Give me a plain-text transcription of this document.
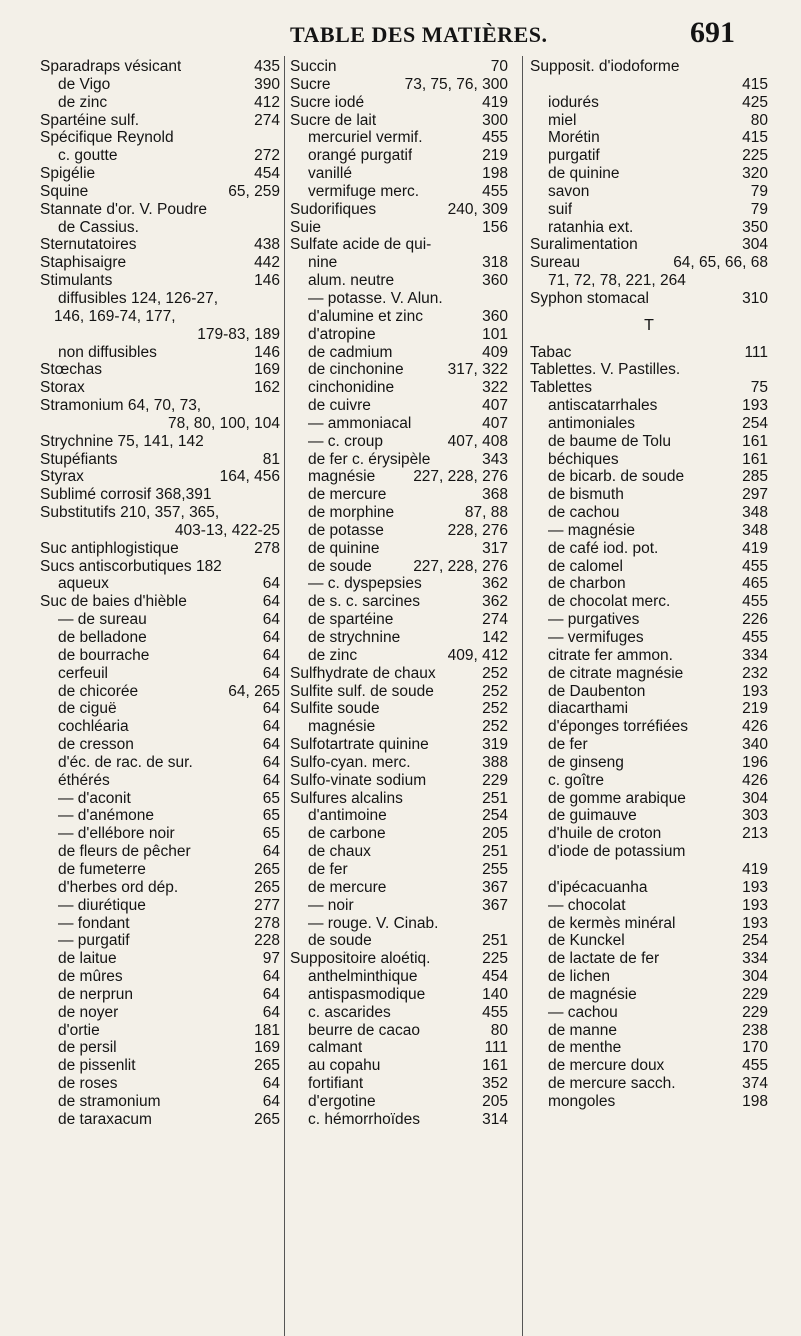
TABLE DES MATIÈRES.	691
Sparadraps vésicant	435
de Vigo	390
de zinc	412
Spartéine sulf.	274
Spécifique Reynold
c. goutte	272
Spigélie	454
Squine	65, 259
Stannate d'or. V. Poudre
de Cassius.
Sternutatoires	438
Staphisaigre	442
Stimulants	146
diffusibles 124, 126-27,
146, 169-74, 177,
179-83, 189
non diffusibles	146
Stœchas	169
Storax	162
Stramonium 64, 70, 73,
78, 80, 100, 104
Strychnine 75, 141, 142
Stupéfiants	81
Styrax	164, 456
Sublimé corrosif 368,391
Substitutifs 210, 357, 365,
403-13, 422-25
Suc antiphlogistique	278
Sucs antiscorbutiques 182
aqueux	64
Suc de baies d'hièble	64
— de sureau	64
de belladone	64
de bourrache	64
cerfeuil	64
de chicorée	64, 265
de ciguë	64
cochléaria	64
de cresson	64
d'éc. de rac. de sur.	64
éthérés	64
— d'aconit	65
— d'anémone	65
— d'ellébore noir	65
de fleurs de pêcher	64
de fumeterre	265
d'herbes ord dép.	265
— diurétique	277
— fondant	278
— purgatif	228
de laitue	97
de mûres	64
de nerprun	64
de noyer	64
d'ortie	181
de persil	169
de pissenlit	265
de roses	64
de stramonium	64
de taraxacum	265
Succin	70
Sucre	73, 75, 76, 300
Sucre iodé	419
Sucre de lait	300
mercuriel vermif.	455
orangé purgatif	219
vanillé	198
vermifuge merc.	455
Sudorifiques	240, 309
Suie	156
Sulfate acide de qui-
nine	318
alum. neutre	360
— potasse. V. Alun.
d'alumine et zinc	360
d'atropine	101
de cadmium	409
de cinchonine	317, 322
cinchonidine	322
de cuivre	407
— ammoniacal	407
— c. croup	407, 408
de fer c. érysipèle	343
magnésie 227, 228, 276
de mercure	368
de morphine	87, 88
de potasse	228, 276
de quinine	317
de soude	227, 228, 276
— c. dyspepsies	362
de s. c. sarcines	362
de spartéine	274
de strychnine	142
de zinc	409, 412
Sulfhydrate de chaux	252
Sulfite sulf. de soude	252
Sulfite soude	252
magnésie	252
Sulfotartrate quinine	319
Sulfo-cyan. merc.	388
Sulfo-vinate sodium	229
Sulfures alcalins	251
d'antimoine	254
de carbone	205
de chaux	251
de fer	255
de mercure	367
— noir	367
— rouge. V. Cinab.
de soude	251
Suppositoire aloétiq.	225
anthelminthique	454
antispasmodique	140
c. ascarides	455
beurre de cacao	80
calmant	111
au copahu	161
fortifiant	352
d'ergotine	205
c. hémorrhoïdes	314
Supposit. d'iodoforme
415
iodurés	425
miel	80
Morétin	415
purgatif	225
de quinine	320
savon	79
suif	79
ratanhia ext.	350
Suralimentation	304
Sureau	64, 65, 66, 68
71, 72, 78, 221, 264
Syphon stomacal	310
T
Tabac	111
Tablettes. V. Pastilles.
Tablettes	75
antiscatarrhales	193
antimoniales	254
de baume de Tolu	161
béchiques	161
de bicarb. de soude	285
de bismuth	297
de cachou	348
— magnésie	348
de café iod. pot.	419
de calomel	455
de charbon	465
de chocolat merc.	455
— purgatives	226
— vermifuges	455
citrate fer ammon.	334
de citrate magnésie	232
de Daubenton	193
diacarthami	219
d'éponges torréfiées	426
de fer	340
de ginseng	196
c. goître	426
de gomme arabique	304
de guimauve	303
d'huile de croton	213
d'iode de potassium
419
d'ipécacuanha	193
— chocolat	193
de kermès minéral	193
de Kunckel	254
de lactate de fer	334
de lichen	304
de magnésie	229
— cachou	229
de manne	238
de menthe	170
de mercure doux	455
de mercure sacch.	374
mongoles	198
